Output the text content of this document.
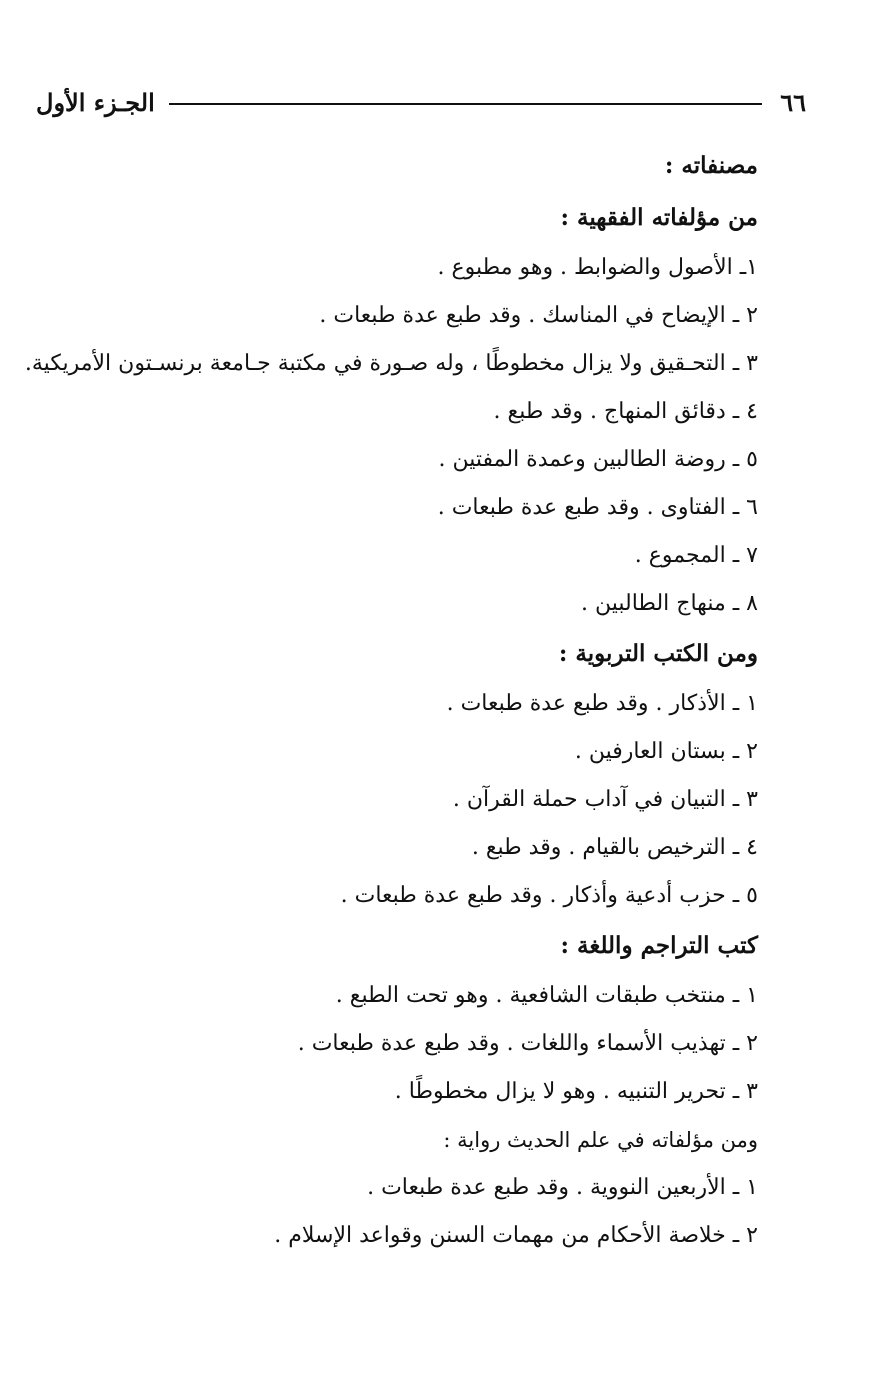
٦٦
الجـزء الأول
مصنفاته :
من مؤلفاته الفقهية :
١ـ الأصول والضوابط . وهو مطبوع .
٢ ـ الإيضاح في المناسك . وقد طبع عدة طبعات .
٣ ـ التحـقيق ولا يزال مخطوطًا ، وله صـورة في مكتبة جـامعة برنسـتون الأمريكية.
٤ ـ دقائق المنهاج . وقد طبع .
٥ ـ روضة الطالبين وعمدة المفتين .
٦ ـ الفتاوى . وقد طبع عدة طبعات .
٧ ـ المجموع .
٨ ـ منهاج الطالبين .
ومن الكتب التربوية :
١ ـ الأذكار . وقد طبع عدة طبعات .
٢ ـ بستان العارفين .
٣ ـ التبيان في آداب حملة القرآن .
٤ ـ الترخيص بالقيام . وقد طبع .
٥ ـ حزب أدعية وأذكار . وقد طبع عدة طبعات .
كتب التراجم واللغة :
١ ـ منتخب طبقات الشافعية . وهو تحت الطبع .
٢ ـ تهذيب الأسماء واللغات . وقد طبع عدة طبعات .
٣ ـ تحرير التنبيه . وهو لا يزال مخطوطًا .
ومن مؤلفاته في علم الحديث رواية :
١ ـ الأربعين النووية . وقد طبع عدة طبعات .
٢ ـ خلاصة الأحكام من مهمات السنن وقواعد الإسلام .
